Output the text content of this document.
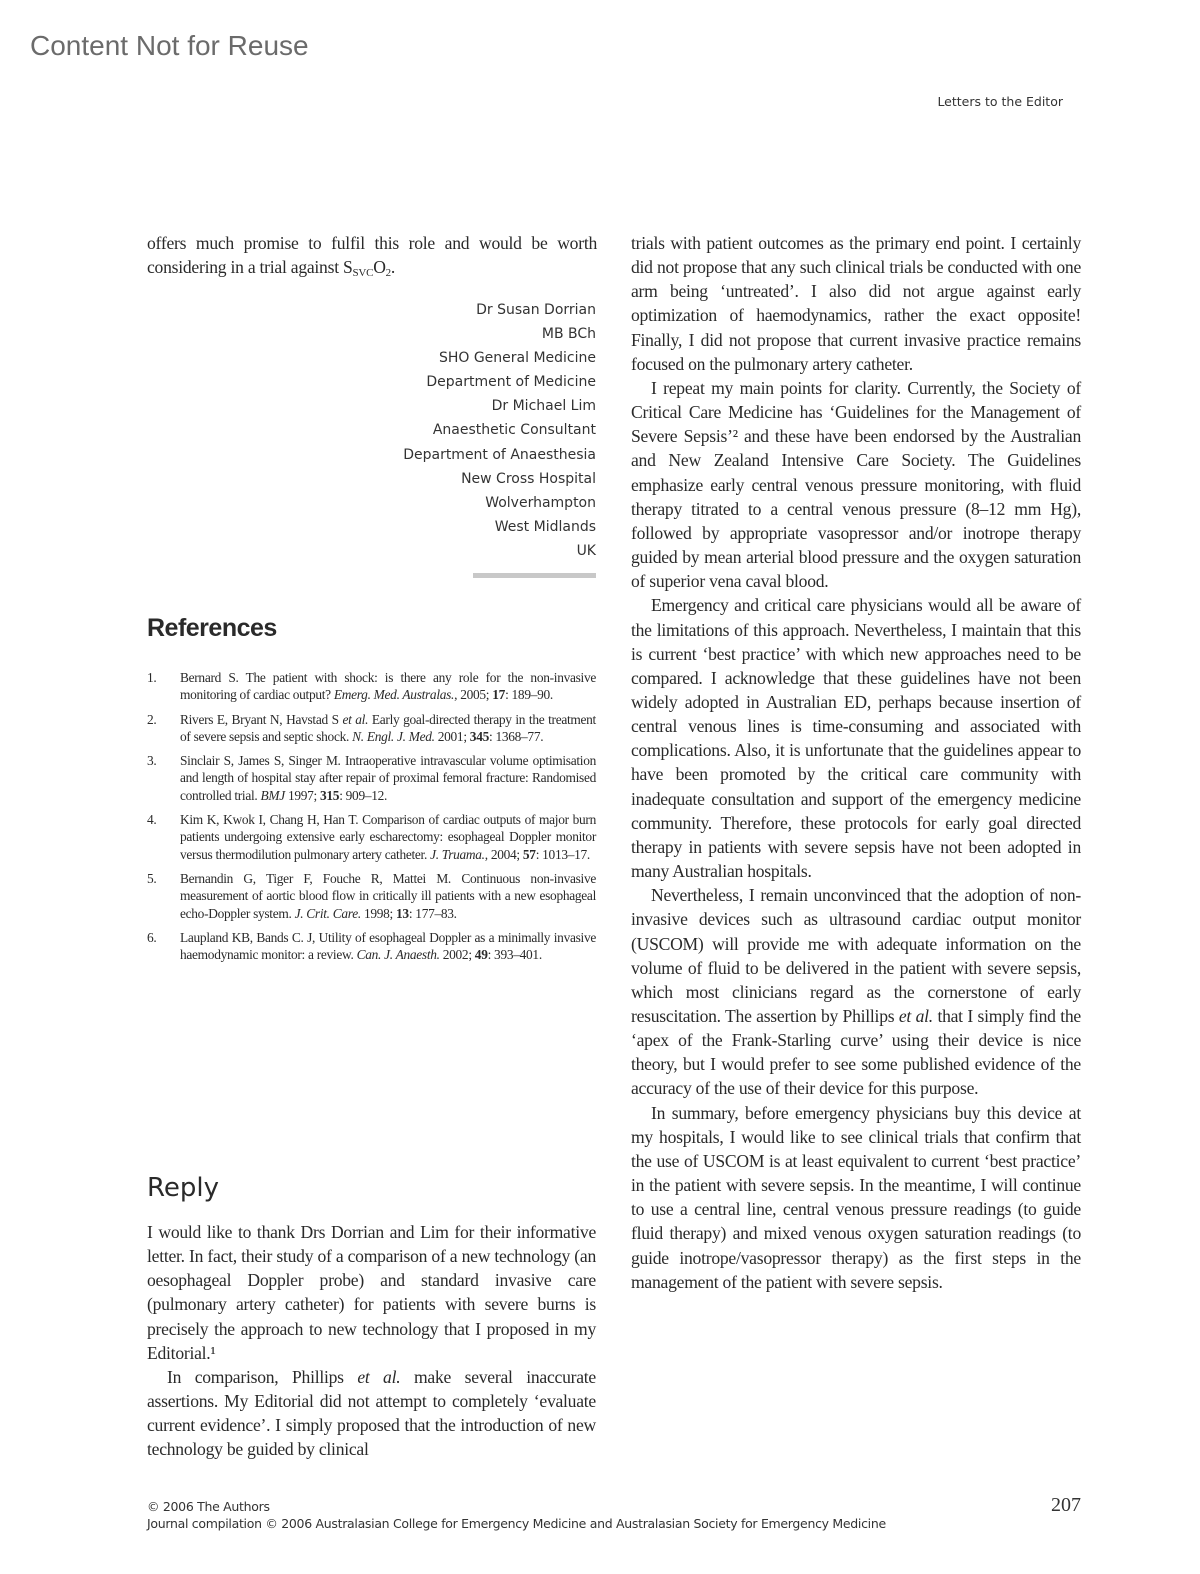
Content Not for Reuse
Letters to the Editor

offers much promise to fulfil this role and would be worth considering in a trial against $S_{SVC}O_2$.

Dr Susan Dorrian
MB BCh
SHO General Medicine
Department of Medicine
Dr Michael Lim
Anaesthetic Consultant
Department of Anaesthesia
New Cross Hospital
Wolverhampton
West Midlands
UK
References
1.	Bernard S. The patient with shock: is there any role for the non-invasive monitoring of cardiac output? Emerg. Med. Australas., 2005; 17: 189–90.
2.	Rivers E, Bryant N, Havstad S et al. Early goal-directed therapy in the treatment of severe sepsis and septic shock. N. Engl. J. Med. 2001; 345: 1368–77.
3.	Sinclair S, James S, Singer M. Intraoperative intravascular volume optimisation and length of hospital stay after repair of proximal femoral fracture: Randomised controlled trial. BMJ 1997; 315: 909–12.
4.	Kim K, Kwok I, Chang H, Han T. Comparison of cardiac outputs of major burn patients undergoing extensive early escharectomy: esophageal Doppler monitor versus thermodilution pulmonary artery catheter. J. Truama., 2004; 57: 1013–17.
5.	Bernandin G, Tiger F, Fouche R, Mattei M. Continuous non-invasive measurement of aortic blood flow in critically ill patients with a new esophageal echo-Doppler system. J. Crit. Care. 1998; 13: 177–83.
6.	Laupland KB, Bands C. J, Utility of esophageal Doppler as a minimally invasive haemodynamic monitor: a review. Can. J. Anaesth. 2002; 49: 393–401.
Reply

I would like to thank Drs Dorrian and Lim for their informative letter. In fact, their study of a comparison of a new technology (an oesophageal Doppler probe) and standard invasive care (pulmonary artery catheter) for patients with severe burns is precisely the approach to new technology that I proposed in my Editorial.¹

In comparison, Phillips et al. make several inaccurate assertions. My Editorial did not attempt to completely ‘evaluate current evidence’. I simply proposed that the introduction of new technology be guided by clinical

trials with patient outcomes as the primary end point. I certainly did not propose that any such clinical trials be conducted with one arm being ‘untreated’. I also did not argue against early optimization of haemodynamics, rather the exact opposite! Finally, I did not propose that current invasive practice remains focused on the pulmonary artery catheter.

I repeat my main points for clarity. Currently, the Society of Critical Care Medicine has ‘Guidelines for the Management of Severe Sepsis’² and these have been endorsed by the Australian and New Zealand Intensive Care Society. The Guidelines emphasize early central venous pressure monitoring, with fluid therapy titrated to a central venous pressure (8–12 mm Hg), followed by appropriate vasopressor and/or inotrope therapy guided by mean arterial blood pressure and the oxygen saturation of superior vena caval blood.

Emergency and critical care physicians would all be aware of the limitations of this approach. Nevertheless, I maintain that this is current ‘best practice’ with which new approaches need to be compared. I acknowledge that these guidelines have not been widely adopted in Australian ED, perhaps because insertion of central venous lines is time-consuming and associated with complications. Also, it is unfortunate that the guidelines appear to have been promoted by the critical care community with inadequate consultation and support of the emergency medicine community. Therefore, these protocols for early goal directed therapy in patients with severe sepsis have not been adopted in many Australian hospitals.

Nevertheless, I remain unconvinced that the adoption of non-invasive devices such as ultrasound cardiac output monitor (USCOM) will provide me with adequate information on the volume of fluid to be delivered in the patient with severe sepsis, which most clinicians regard as the cornerstone of early resuscitation. The assertion by Phillips et al. that I simply find the ‘apex of the Frank-Starling curve’ using their device is nice theory, but I would prefer to see some published evidence of the accuracy of the use of their device for this purpose.

In summary, before emergency physicians buy this device at my hospitals, I would like to see clinical trials that confirm that the use of USCOM is at least equivalent to current ‘best practice’ in the patient with severe sepsis. In the meantime, I will continue to use a central line, central venous pressure readings (to guide fluid therapy) and mixed venous oxygen saturation readings (to guide inotrope/vasopressor therapy) as the first steps in the management of the patient with severe sepsis.

© 2006 The Authors
Journal compilation © 2006 Australasian College for Emergency Medicine and Australasian Society for Emergency Medicine
207
